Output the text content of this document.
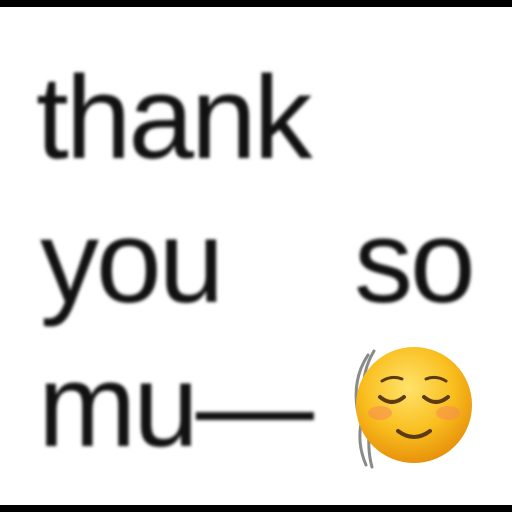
thank
you so
mu—
